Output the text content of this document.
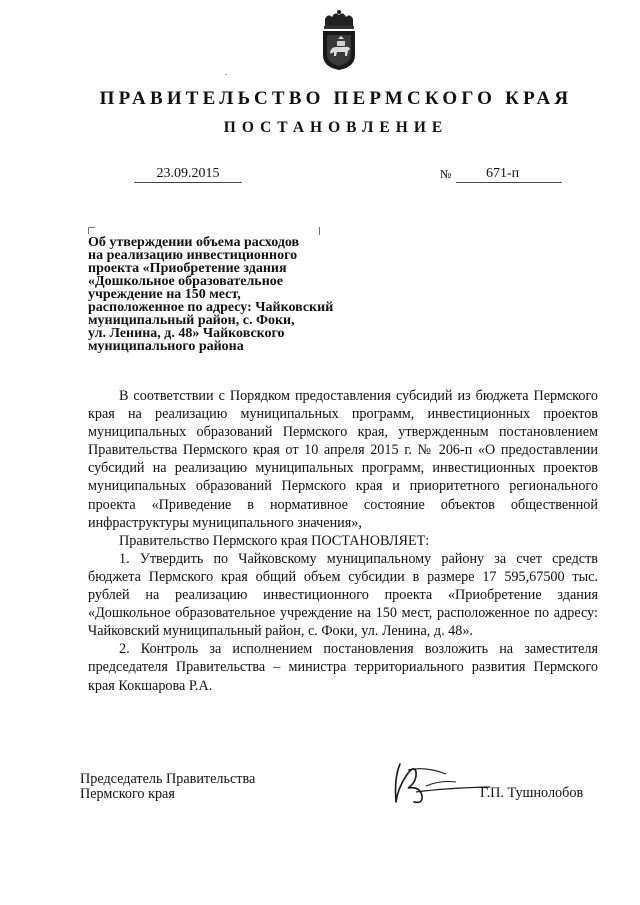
ПРАВИТЕЛЬСТВО ПЕРМСКОГО КРАЯ
ПОСТАНОВЛЕНИЕ
23.09.2015	№ 671-п

Об утверждении объема расходов
на реализацию инвестиционного
проекта «Приобретение здания
«Дошкольное образовательное
учреждение на 150 мест,
расположенное по адресу: Чайковский
муниципальный район, с. Фоки,
ул. Ленина, д. 48» Чайковского
муниципального района

В соответствии с Порядком предоставления субсидий из бюджета Пермского края на реализацию муниципальных программ, инвестиционных проектов муниципальных образований Пермского края, утвержденным постановлением Правительства Пермского края от 10 апреля 2015 г. № 206-п «О предоставлении субсидий на реализацию муниципальных программ, инвестиционных проектов муниципальных образований Пермского края и приоритетного регионального проекта «Приведение в нормативное состояние объектов общественной инфраструктуры муниципального значения»,

Правительство Пермского края ПОСТАНОВЛЯЕТ:

1. Утвердить по Чайковскому муниципальному району за счет средств бюджета Пермского края общий объем субсидии в размере 17 595,67500 тыс. рублей на реализацию инвестиционного проекта «Приобретение здания «Дошкольное образовательное учреждение на 150 мест, расположенное по адресу: Чайковский муниципальный район, с. Фоки, ул. Ленина, д. 48».

2. Контроль за исполнением постановления возложить на заместителя председателя Правительства – министра территориального развития Пермского края Кокшарова Р.А.

Председатель Правительства
Пермского края	Г.П. Тушнолобов
